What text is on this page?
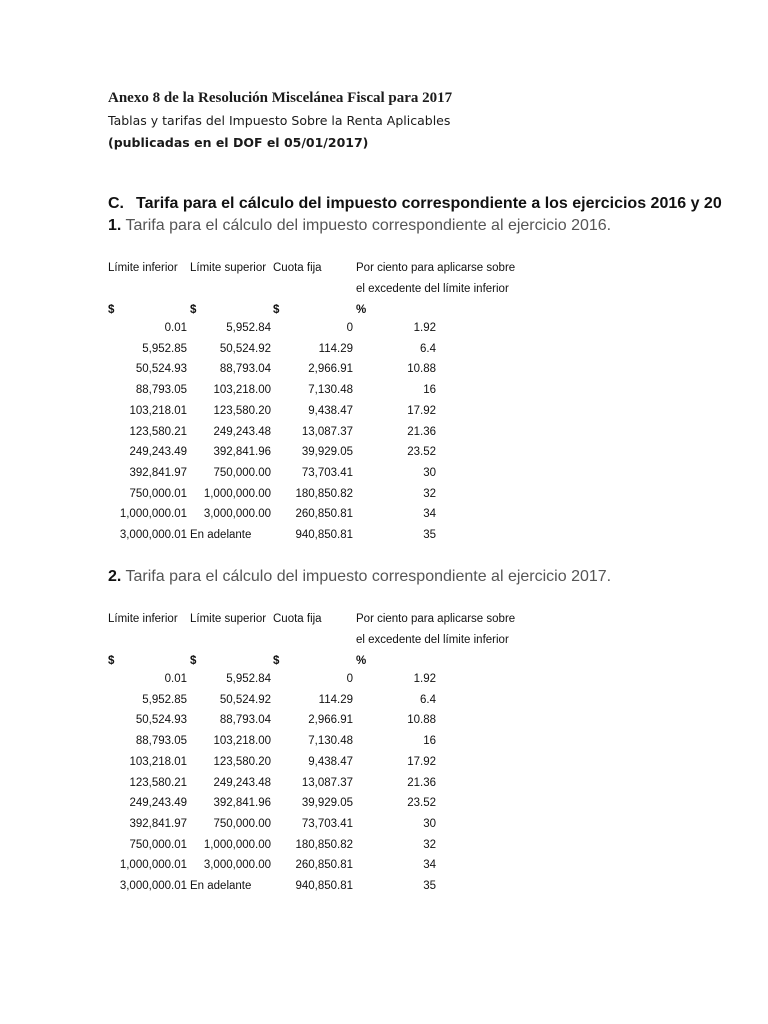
Anexo 8 de la Resolución Miscelánea Fiscal para 2017
Tablas y tarifas del Impuesto Sobre la Renta Aplicables
(publicadas en el DOF el 05/01/2017)
C. Tarifa para el cálculo del impuesto correspondiente a los ejercicios 2016 y 20
1. Tarifa para el cálculo del impuesto correspondiente al ejercicio 2016.
Límite inferior Límite superior Cuota fija	Por ciento para aplicarse sobre
el excedente del límite inferior
$	$	$	%
0.01	5,952.84	0	1.92
5,952.85	50,524.92	114.29	6.4
50,524.93	88,793.04	2,966.91	10.88
88,793.05 103,218.00	7,130.48	16
103,218.01 123,580.20	9,438.47	17.92
123,580.21 249,243.48	13,087.37	21.36
249,243.49 392,841.96	39,929.05	23.52
392,841.97 750,000.00	73,703.41	30
750,000.01 1,000,000.00 180,850.82	32
1,000,000.01 3,000,000.00 260,850.81	34
3,000,000.01 En adelante	940,850.81	35
2. Tarifa para el cálculo del impuesto correspondiente al ejercicio 2017.
Límite inferior Límite superior Cuota fija	Por ciento para aplicarse sobre
el excedente del límite inferior
$	$	$	%
0.01	5,952.84	0	1.92
5,952.85	50,524.92	114.29	6.4
50,524.93	88,793.04	2,966.91	10.88
88,793.05 103,218.00	7,130.48	16
103,218.01 123,580.20	9,438.47	17.92
123,580.21 249,243.48	13,087.37	21.36
249,243.49 392,841.96	39,929.05	23.52
392,841.97 750,000.00	73,703.41	30
750,000.01 1,000,000.00 180,850.82	32
1,000,000.01 3,000,000.00 260,850.81	34
3,000,000.01 En adelante	940,850.81	35
